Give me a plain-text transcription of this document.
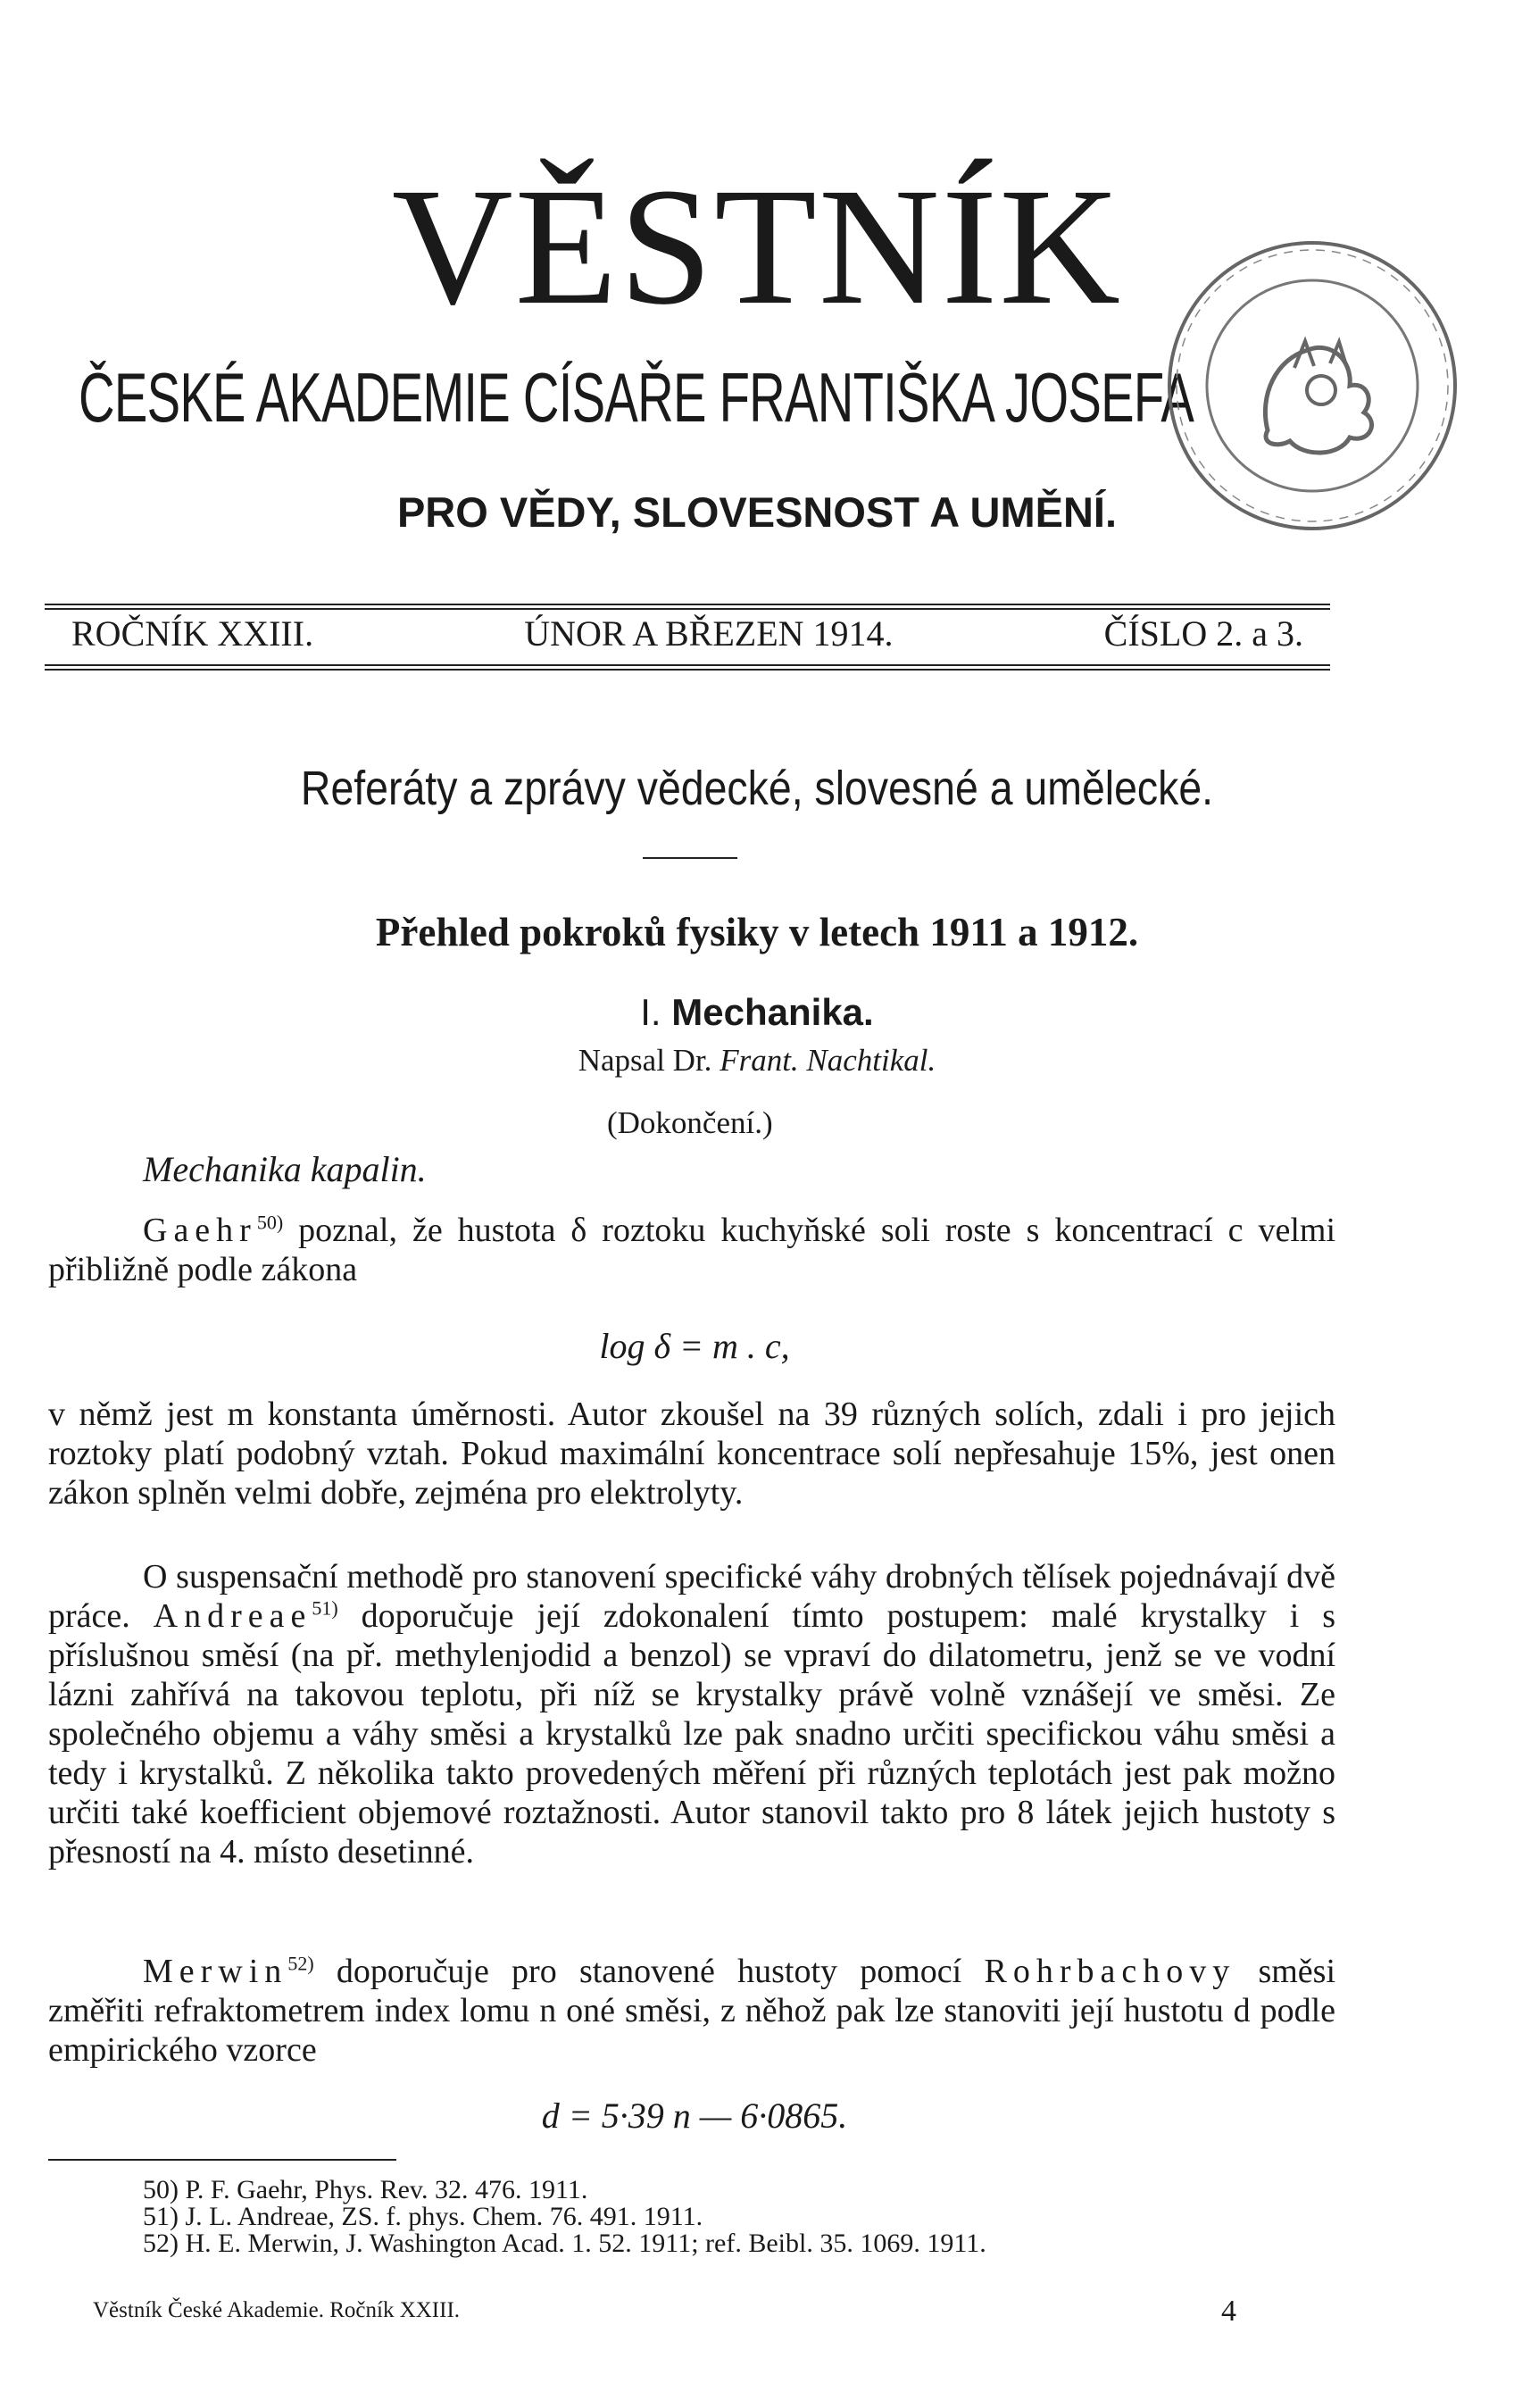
VĚSTNÍK
ČESKÉ AKADEMIE CÍSAŘE FRANTIŠKA JOSEFA
PRO VĚDY, SLOVESNOST A UMĚNÍ.
ROČNÍK XXIII.	ÚNOR A BŘEZEN 1914.	ČÍSLO 2. a 3.
Referáty a zprávy vědecké, slovesné a umělecké.
Přehled pokroků fysiky v letech 1911 a 1912.
I. Mechanika.
Napsal Dr. Frant. Nachtikal.
(Dokončení.)
Mechanika kapalin.
Gaehr$^{50)}$ poznal, že hustota δ roztoku kuchyňské soli roste s koncentrací c velmi přibližně podle zákona
log δ = m . c,
v němž jest m konstanta úměrnosti. Autor zkoušel na 39 různých solích, zdali i pro jejich roztoky platí podobný vztah. Pokud maximální koncentrace solí nepřesahuje 15%, jest onen zákon splněn velmi dobře, zejména pro elektrolyty.
O suspensační methodě pro stanovení specifické váhy drobných tělísek pojednávají dvě práce. Andreae$^{51)}$ doporučuje její zdokonalení tímto postupem: malé krystalky i s příslušnou směsí (na př. methylenjodid a benzol) se vpraví do dilatometru, jenž se ve vodní lázni zahřívá na takovou teplotu, při níž se krystalky právě volně vznášejí ve směsi. Ze společného objemu a váhy směsi a krystalků lze pak snadno určiti specifickou váhu směsi a tedy i krystalků. Z několika takto provedených měření při různých teplotách jest pak možno určiti také koefficient objemové roztažnosti. Autor stanovil takto pro 8 látek jejich hustoty s přesností na 4. místo desetinné.
Merwin$^{52)}$ doporučuje pro stanovené hustoty pomocí Rohrbachovy směsi změřiti refraktometrem index lomu n oné směsi, z něhož pak lze stanoviti její hustotu d podle empirického vzorce
d = 5·39 n — 6·0865.
50) P. F. Gaehr, Phys. Rev. 32. 476. 1911.
51) J. L. Andreae, ZS. f. phys. Chem. 76. 491. 1911.
52) H. E. Merwin, J. Washington Acad. 1. 52. 1911; ref. Beibl. 35. 1069. 1911.
Věstník České Akademie. Ročník XXIII.	4
